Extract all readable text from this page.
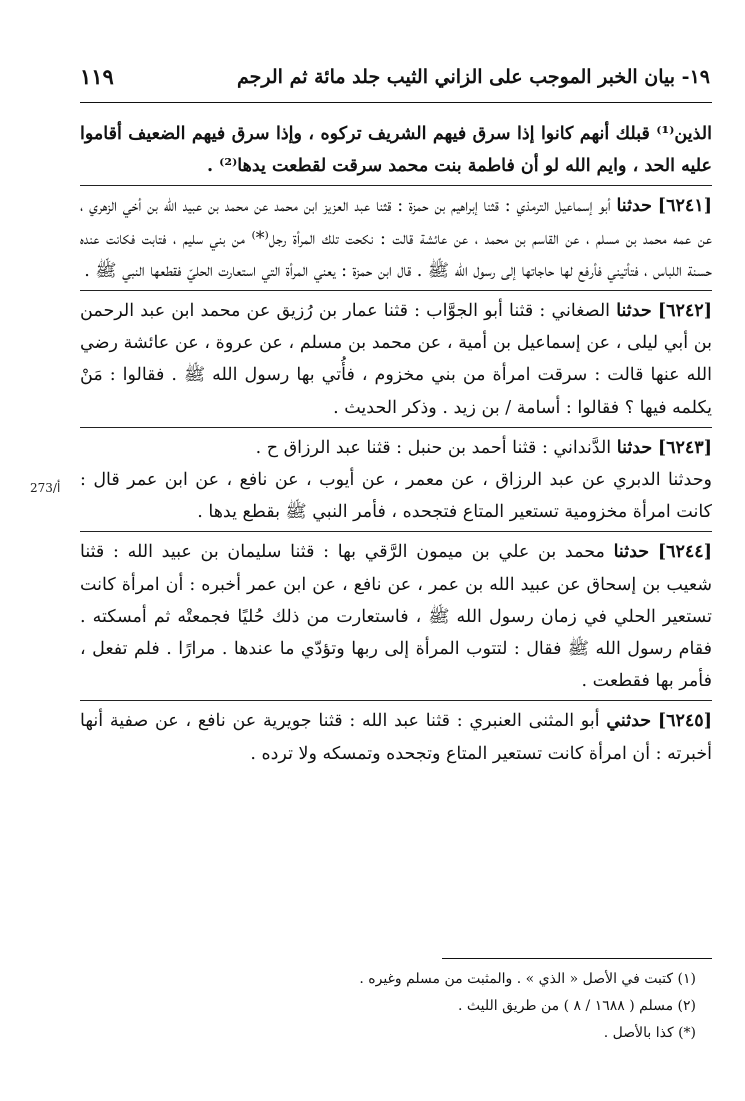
١٩- بيان الخبر الموجب على الزاني الثيب جلد مائة ثم الرجم
١١٩
273/أ

الذين⁽¹⁾ قبلك أنهم كانوا إذا سرق فيهم الشريف تركوه ، وإذا سرق فيهم الضعيف أقاموا عليه الحد ، وايم الله لو أن فاطمة بنت محمد سرقت لقطعت يدها⁽²⁾ .

[٦٢٤١] حدثنا أبو إسماعيل الترمذي : قثنا إبراهيم بن حمزة : قثنا عبد العزيز ابن محمد عن محمد بن عبيد الله بن أخي الزهري ، عن عمه محمد بن مسلم ، عن القاسم بن محمد ، عن عائشة قالت : نكحت تلك المرأة رجل⁽*⁾ من بني سليم ، فتابت فكانت عنده حسنة اللباس ، فتأتيني فأرفع لها حاجاتها إلى رسول الله ﷺ . قال ابن حمزة : يعني المرأة التي استعارت الحليّ فقطعها النبي ﷺ .

[٦٢٤٢] حدثنا الصغاني : قثنا أبو الجوَّاب : قثنا عمار بن رُزيق عن محمد ابن عبد الرحمن بن أبي ليلى ، عن إسماعيل بن أمية ، عن محمد بن مسلم ، عن عروة ، عن عائشة رضي الله عنها قالت : سرقت امرأة من بني مخزوم ، فأُتي بها رسول الله ﷺ . فقالوا : مَنْ يكلمه فيها ؟ فقالوا : أسامة / بن زيد . وذكر الحديث .

[٦٢٤٣] حدثنا الدَّنداني : قثنا أحمد بن حنبل : قثنا عبد الرزاق ح .

وحدثنا الدبري عن عبد الرزاق ، عن معمر ، عن أيوب ، عن نافع ، عن ابن عمر قال : كانت امرأة مخزومية تستعير المتاع فتجحده ، فأمر النبي ﷺ بقطع يدها .

[٦٢٤٤] حدثنا محمد بن علي بن ميمون الرَّقي بها : قثنا سليمان بن عبيد الله : قثنا شعيب بن إسحاق عن عبيد الله بن عمر ، عن نافع ، عن ابن عمر أخبره : أن امرأة كانت تستعير الحلي في زمان رسول الله ﷺ ، فاستعارت من ذلك حُليًا فجمعتْه ثم أمسكته . فقام رسول الله ﷺ فقال : لتتوب المرأة إلى ربها وتؤدّي ما عندها . مرارًا . فلم تفعل ، فأمر بها فقطعت .

[٦٢٤٥] حدثني أبو المثنى العنبري : قثنا عبد الله : قثنا جويرية عن نافع ، عن صفية أنها أخبرته : أن امرأة كانت تستعير المتاع وتجحده وتمسكه ولا ترده .

(١) كتبت في الأصل « الذي » . والمثبت من مسلم وغيره .
(٢) مسلم ( ١٦٨٨ / ٨ ) من طريق الليث .
(*) كذا بالأصل .
